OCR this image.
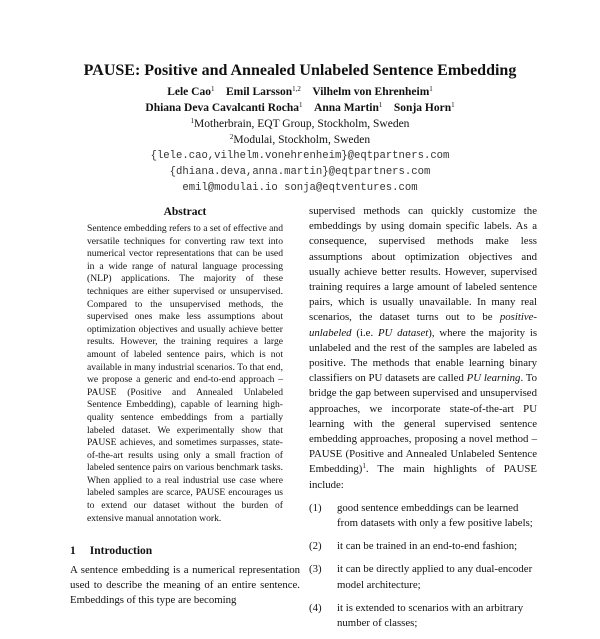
PAUSE: Positive and Annealed Unlabeled Sentence Embedding
Lele Cao$^1$ Emil Larsson$^{1,2}$ Vilhelm von Ehrenheim$^1$
Dhiana Deva Cavalcanti Rocha$^1$ Anna Martin$^1$ Sonja Horn$^1$
$^1$Motherbrain, EQT Group, Stockholm, Sweden
$^2$Modulai, Stockholm, Sweden
{lele.cao,vilhelm.vonehrenheim}@eqtpartners.com
{dhiana.deva,anna.martin}@eqtpartners.com
emil@modulai.io sonja@eqtventures.com
Abstract
Sentence embedding refers to a set of effective and versatile techniques for converting raw text into numerical vector representations that can be used in a wide range of natural language processing (NLP) applications. The majority of these techniques are either supervised or unsupervised. Compared to the unsupervised methods, the supervised ones make less assumptions about optimization objectives and usually achieve better results. However, the training requires a large amount of labeled sentence pairs, which is not available in many industrial scenarios. To that end, we propose a generic and end-to-end approach – PAUSE (Positive and Annealed Unlabeled Sentence Embedding), capable of learning high-quality sentence embeddings from a partially labeled dataset. We experimentally show that PAUSE achieves, and sometimes surpasses, state-of-the-art results using only a small fraction of labeled sentence pairs on various benchmark tasks. When applied to a real industrial use case where labeled samples are scarce, PAUSE encourages us to extend our dataset without the burden of extensive manual annotation work.
1 Introduction
A sentence embedding is a numerical representation used to describe the meaning of an entire sentence. Embeddings of this type are becoming

supervised methods can quickly customize the embeddings by using domain specific labels. As a consequence, supervised methods make less assumptions about optimization objectives and usually achieve better results. However, supervised training requires a large amount of labeled sentence pairs, which is usually unavailable. In many real scenarios, the dataset turns out to be positive-unlabeled (i.e. PU dataset), where the majority is unlabeled and the rest of the samples are labeled as positive. The methods that enable learning binary classifiers on PU datasets are called PU learning. To bridge the gap between supervised and unsupervised approaches, we incorporate state-of-the-art PU learning with the general supervised sentence embedding approaches, proposing a novel method – PAUSE (Positive and Annealed Unlabeled Sentence Embedding)$^1$. The main highlights of PAUSE include:

(1) good sentence embeddings can be learned from datasets with only a few positive labels;
(2) it can be trained in an end-to-end fashion;
(3) it can be directly applied to any dual-encoder model architecture;
(4) it is extended to scenarios with an arbitrary number of classes;
